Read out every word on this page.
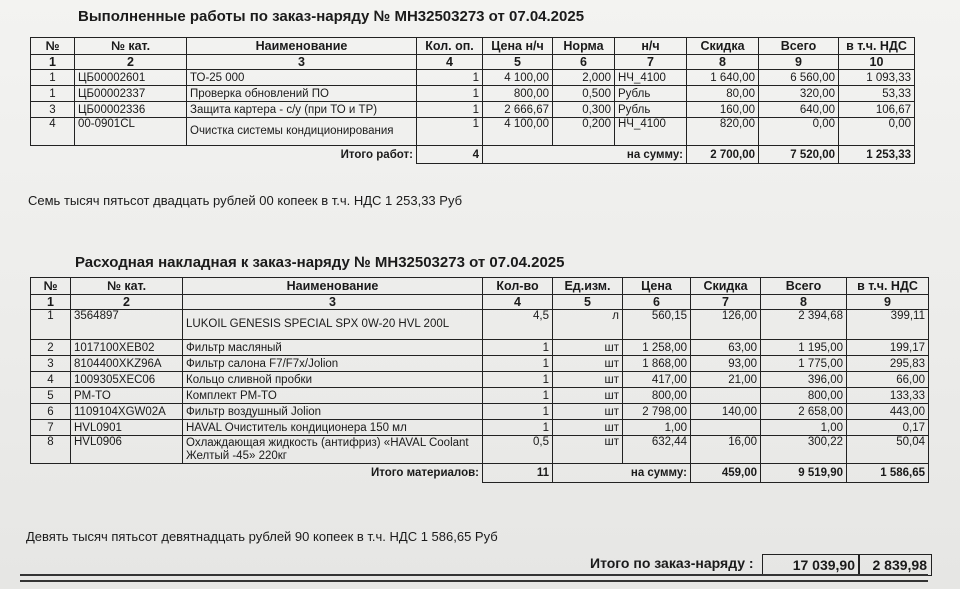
Выполненные работы по заказ-наряду № МН32503273 от 07.04.2025
№	№ кат.	Наименование	Кол. оп.	Цена н/ч	Норма	н/ч	Скидка	Всего	в т.ч. НДС
1	2	3	4	5	6	7	8	9	10
1	ЦБ00002601	ТО-25 000	1	4 100,00	2,000	НЧ_4100	1 640,00	6 560,00	1 093,33
1	ЦБ00002337	Проверка обновлений ПО	1	800,00	0,500	Рубль	80,00	320,00	53,33
3	ЦБ00002336	Защита картера - с/у (при ТО и ТР)	1	2 666,67	0,300	Рубль	160,00	640,00	106,67
4	00-0901CL	Очистка системы кондиционирования	1	4 100,00	0,200	НЧ_4100	820,00	0,00	0,00
		Итого работ:	4	на сумму:			2 700,00	7 520,00	1 253,33
Семь тысяч пятьсот двадцать рублей 00 копеек в т.ч. НДС 1 253,33 Руб
Расходная накладная к заказ-наряду № МН32503273 от 07.04.2025
№	№ кат.	Наименование	Кол-во	Ед.изм.	Цена	Скидка	Всего	в т.ч. НДС
1	2	3	4	5	6	7	8	9
1	3564897	LUKOIL GENESIS SPECIAL SPX 0W-20 HVL 200L	4,5	л	560,15	126,00	2 394,68	399,11
2	1017100XEB02	Фильтр масляный	1	шт	1 258,00	63,00	1 195,00	199,17
3	8104400XKZ96A	Фильтр салона F7/F7x/Jolion	1	шт	1 868,00	93,00	1 775,00	295,83
4	1009305XEC06	Кольцо сливной пробки	1	шт	417,00	21,00	396,00	66,00
5	PM-TO	Комплект PM-TO	1	шт	800,00		800,00	133,33
6	1109104XGW02A	Фильтр воздушный Jolion	1	шт	2 798,00	140,00	2 658,00	443,00
7	HVL0901	HAVAL Очиститель кондиционера 150 мл	1	шт	1,00		1,00	0,17
8	HVL0906	Охлаждающая жидкость (антифриз) «HAVAL Coolant Желтый -45» 220кг	0,5	шт	632,44	16,00	300,22	50,04
		Итого материалов:	11	на сумму:		459,00	9 519,90	1 586,65
Девять тысяч пятьсот девятнадцать рублей 90 копеек в т.ч. НДС 1 586,65 Руб
Итого по заказ-наряду :	17 039,90	2 839,98
